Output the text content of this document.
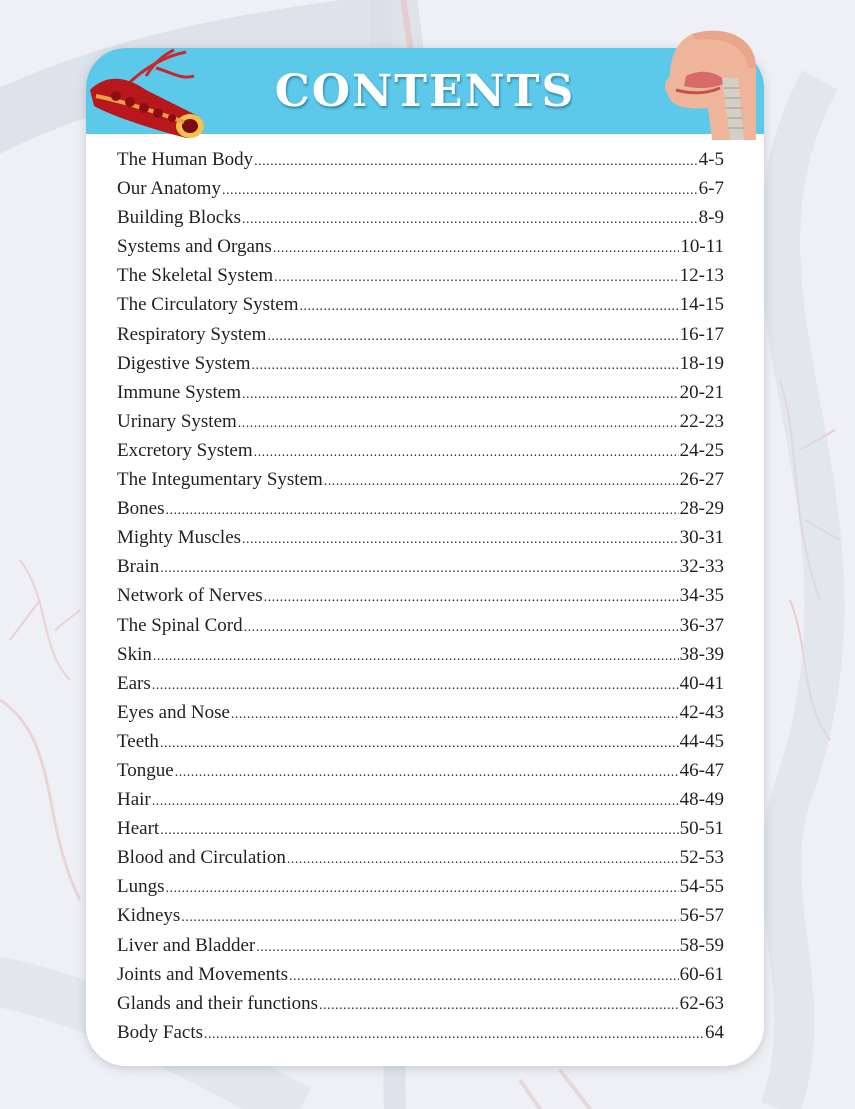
CONTENTS
The Human Body .....	4-5
Our Anatomy .....	6-7
Building Blocks .....	8-9
Systems and Organs .....	10-11
The Skeletal System .....	12-13
The Circulatory System .....	14-15
Respiratory System .....	16-17
Digestive System .....	18-19
Immune System .....	20-21
Urinary System .....	22-23
Excretory System .....	24-25
The Integumentary System .....	26-27
Bones .....	28-29
Mighty Muscles .....	30-31
Brain .....	32-33
Network of Nerves .....	34-35
The Spinal Cord .....	36-37
Skin .....	38-39
Ears .....	40-41
Eyes and Nose .....	42-43
Teeth .....	44-45
Tongue .....	46-47
Hair .....	48-49
Heart .....	50-51
Blood and Circulation .....	52-53
Lungs .....	54-55
Kidneys .....	56-57
Liver and Bladder .....	58-59
Joints and Movements .....	60-61
Glands and their functions .....	62-63
Body Facts .....	64
